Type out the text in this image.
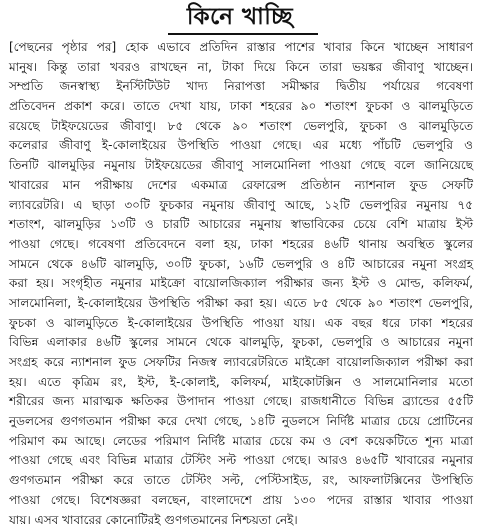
কিনে খাচ্ছি
[পেছনের পৃষ্ঠার পর] হোক এভাবে প্রতিদিন রাস্তার পাশের খাবার কিনে খাচ্ছেন সাধারণ
মানুষ। কিন্তু তারা খবরও রাখছেন না, টাকা দিয়ে কিনে তারা ভয়ঙ্কর জীবাণু খাচ্ছেন।
সম্প্রতি জনস্বাস্থ্য ইনস্টিটিউট খাদ্য নিরাপত্তা সমীক্ষার দ্বিতীয় পর্যায়ের গবেষণা
প্রতিবেদন প্রকাশ করে। তাতে দেখা যায়, ঢাকা শহরের ৯০ শতাংশ ফুচকা ও ঝালমুড়িতে
রয়েছে টাইফয়েডের জীবাণু। ৮৫ থেকে ৯০ শতাংশ ভেলপুরি, ফুচকা ও ঝালমুড়িতে
কলেরার জীবাণু ই-কোলাইয়ের উপস্থিতি পাওয়া গেছে। এর মধ্যে পাঁচটি ভেলপুরি ও
তিনটি ঝালমুড়ির নমুনায় টাইফয়েডের জীবাণু সালমোনিলা পাওয়া গেছে বলে জানিয়েছে
খাবারের মান পরীক্ষায় দেশের একমাত্র রেফারেন্স প্রতিষ্ঠান ন্যাশনাল ফুড সেফটি
ল্যাবরেটরি। এ ছাড়া ৩০টি ফুচকার নমুনায় জীবাণু আছে, ১২টি ভেলপুরির নমুনায় ৭৫
শতাংশ, ঝালমুড়ির ১৩টি ও চারটি আচারের নমুনায় স্বাভাবিকের চেয়ে বেশি মাত্রায় ইস্ট
পাওয়া গেছে। গবেষণা প্রতিবেদনে বলা হয়, ঢাকা শহরের ৪৬টি থানায় অবস্থিত স্কুলের
সামনে থেকে ৪৬টি ঝালমুড়ি, ৩০টি ফুচকা, ১৬টি ভেলপুরি ও ৪টি আচারের নমুনা সংগ্রহ
করা হয়। সংগৃহীত নমুনার মাইক্রো বায়োলজিক্যাল পরীক্ষার জন্য ইস্ট ও মোল্ড, কলিফর্ম,
সালমোনিলা, ই-কোলাইয়ের উপস্থিতি পরীক্ষা করা হয়। এতে ৮৫ থেকে ৯০ শতাংশ ভেলপুরি,
ফুচকা ও ঝালমুড়িতে ই-কোলাইয়ের উপস্থিতি পাওয়া যায়। এক বছর ধরে ঢাকা শহরের
বিভিন্ন এলাকার ৪৬টি স্কুলের সামনে থেকে ঝালমুড়ি, ফুচকা, ভেলপুরি ও আচারের নমুনা
সংগ্রহ করে ন্যাশনাল ফুড সেফটির নিজস্ব ল্যাবরেটরিতে মাইক্রো বায়োলজিক্যাল পরীক্ষা করা
হয়। এতে কৃত্রিম রং, ইস্ট, ই-কোলাই, কলিফর্ম, মাইকোটক্সিন ও সালমোনিলার মতো
শরীরের জন্য মারাত্মক ক্ষতিকর উপাদান পাওয়া গেছে। রাজধানীতে বিভিন্ন ব্র্যান্ডের ৫৫টি
নুডলসের গুণগতমান পরীক্ষা করে দেখা গেছে, ১৪টি নুডলসে নির্দিষ্ট মাত্রার চেয়ে প্রোটিনের
পরিমাণ কম আছে। লেডের পরিমাণ নির্দিষ্ট মাত্রার চেয়ে কম ও বেশ কয়েকটিতে শূন্য মাত্রা
পাওয়া গেছে এবং বিভিন্ন মাত্রার টেস্টিং সল্ট পাওয়া গেছে। আরও ৪৬৫টি খাবারের নমুনার
গুণগতমান পরীক্ষা করে তাতে টেস্টিং সল্ট, পেস্টিসাইড, রং, আফলাটক্সিনের উপস্থিতি
পাওয়া গেছে। বিশেষজ্ঞরা বলছেন, বাংলাদেশে প্রায় ১৩০ পদের রাস্তার খাবার পাওয়া
যায়। এসব খাবারের কোনোটিরই গুণগতমানের নিশ্চয়তা নেই।
